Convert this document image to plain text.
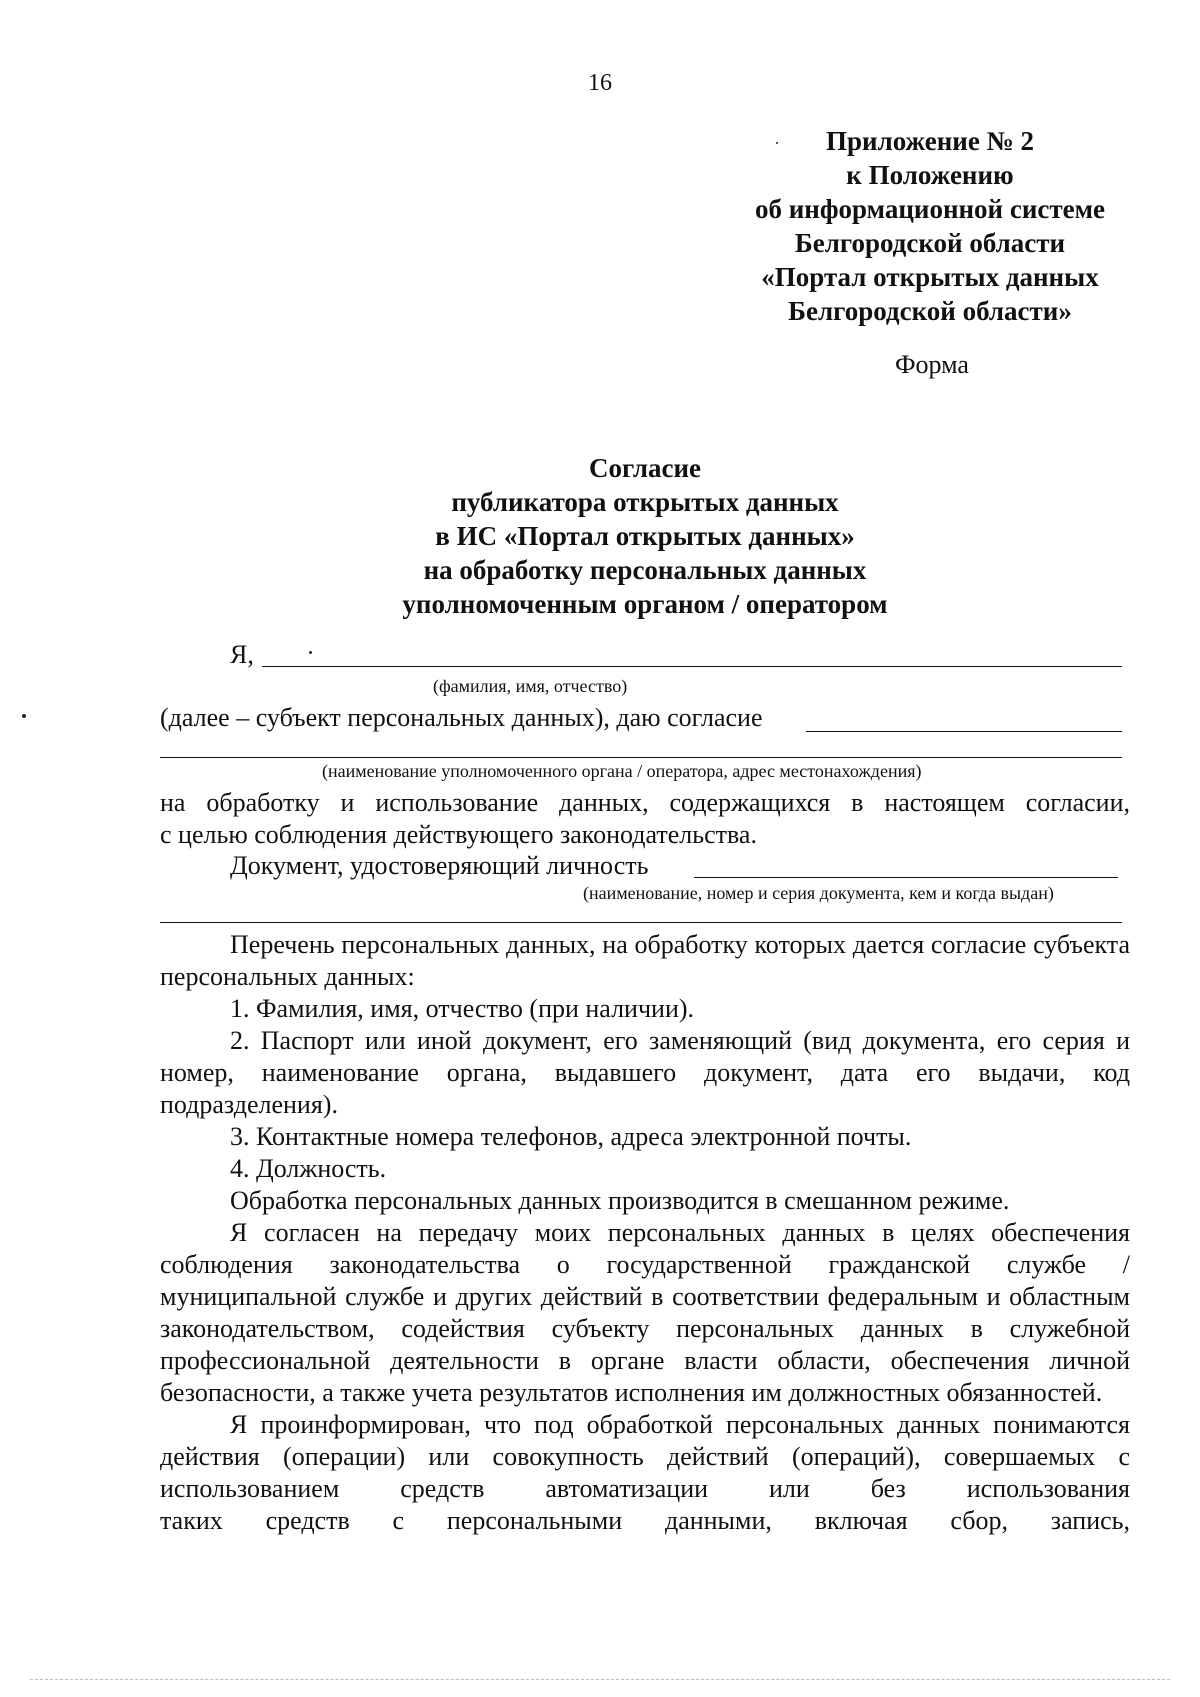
16
Приложение № 2
к Положению
об информационной системе
Белгородской области
«Портал открытых данных
Белгородской области»
Форма
Согласие
публикатора открытых данных
в ИС «Портал открытых данных»
на обработку персональных данных
уполномоченным органом / оператором
Я,
(фамилия, имя, отчество)
(далее – субъект персональных данных), даю согласие
(наименование уполномоченного органа / оператора, адрес местонахождения)
на обработку и использование данных, содержащихся в настоящем согласии,
с целью соблюдения действующего законодательства.
Документ, удостоверяющий личность
(наименование, номер и серия документа, кем и когда выдан)

Перечень персональных данных, на обработку которых дается согласие субъекта персональных данных:

1. Фамилия, имя, отчество (при наличии).

2. Паспорт или иной документ, его заменяющий (вид документа, его серия и номер, наименование органа, выдавшего документ, дата его выдачи, код подразделения).

3. Контактные номера телефонов, адреса электронной почты.

4. Должность.

Обработка персональных данных производится в смешанном режиме.

Я согласен на передачу моих персональных данных в целях обеспечения соблюдения законодательства о государственной гражданской службе / муниципальной службе и других действий в соответствии федеральным и областным законодательством, содействия субъекту персональных данных в служебной профессиональной деятельности в органе власти области, обеспечения личной безопасности, а также учета результатов исполнения им должностных обязанностей.

Я проинформирован, что под обработкой персональных данных понимаются действия (операции) или совокупность действий (операций), совершаемых с использованием средств автоматизации или без использования

таких средств с персональными данными, включая сбор, запись,
